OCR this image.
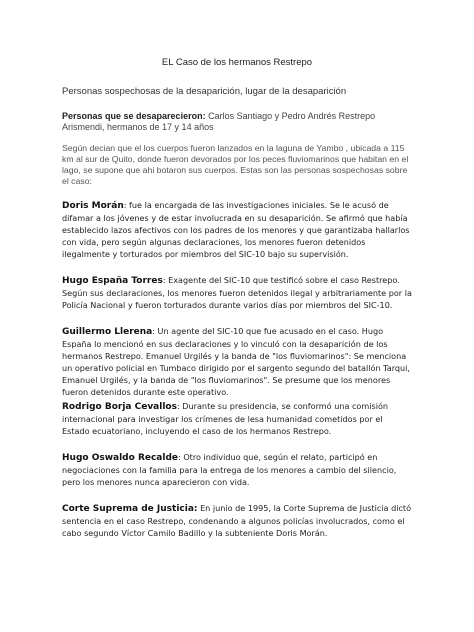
EL Caso de los hermanos Restrepo

Personas sospechosas de la desaparición, lugar de la desaparición

Personas que se desaparecieron: Carlos Santiago y Pedro Andrés Restrepo Arismendi, hermanos de 17 y 14 años

Según decian que el los cuerpos fueron lanzados en la laguna de Yambo , ubicada a 115 km al sur de Quito, donde fueron devorados por los peces fluviomarinos que habitan en el lago, se supone que ahi botaron sus cuerpos. Estas son las personas sospechosas sobre el caso:

Doris Morán: fue la encargada de las investigaciones iniciales. Se le acusó de difamar a los jóvenes y de estar involucrada en su desaparición. Se afirmó que había establecido lazos afectivos con los padres de los menores y que garantizaba hallarlos con vida, pero según algunas declaraciones, los menores fueron detenidos ilegalmente y torturados por miembros del SIC-10 bajo su supervisión.

Hugo España Torres: Exagente del SIC-10 que testificó sobre el caso Restrepo. Según sus declaraciones, los menores fueron detenidos ilegal y arbitrariamente por la Policía Nacional y fueron torturados durante varios días por miembros del SIC-10.

Guillermo Llerena: Un agente del SIC-10 que fue acusado en el caso. Hugo España lo mencionó en sus declaraciones y lo vinculó con la desaparición de los hermanos Restrepo. Emanuel Urgilés y la banda de "los fluviomarinos": Se menciona un operativo policial en Tumbaco dirigido por el sargento segundo del batallón Tarqui, Emanuel Urgilés, y la banda de "los fluviomarinos". Se presume que los menores fueron detenidos durante este operativo.

Rodrigo Borja Cevallos: Durante su presidencia, se conformó una comisión internacional para investigar los crímenes de lesa humanidad cometidos por el Estado ecuatoriano, incluyendo el caso de los hermanos Restrepo.

Hugo Oswaldo Recalde: Otro individuo que, según el relato, participó en negociaciones con la familia para la entrega de los menores a cambio del silencio, pero los menores nunca aparecieron con vida.

Corte Suprema de Justicia: En junio de 1995, la Corte Suprema de Justicia dictó sentencia en el caso Restrepo, condenando a algunos policías involucrados, como el cabo segundo Víctor Camilo Badillo y la subteniente Doris Morán.
